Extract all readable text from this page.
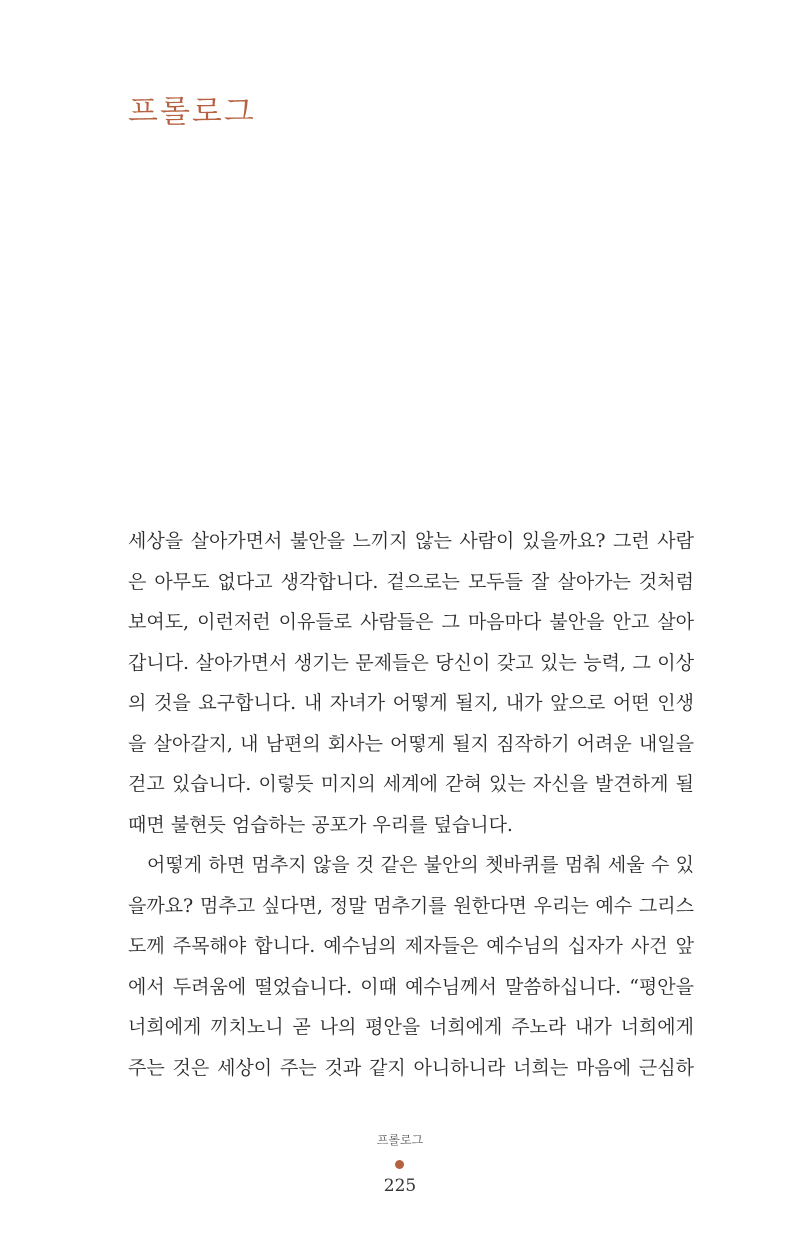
프롤로그
세상을 살아가면서 불안을 느끼지 않는 사람이 있을까요? 그런 사람
은 아무도 없다고 생각합니다. 겉으로는 모두들 잘 살아가는 것처럼
보여도, 이런저런 이유들로 사람들은 그 마음마다 불안을 안고 살아
갑니다. 살아가면서 생기는 문제들은 당신이 갖고 있는 능력, 그 이상
의 것을 요구합니다. 내 자녀가 어떻게 될지, 내가 앞으로 어떤 인생
을 살아갈지, 내 남편의 회사는 어떻게 될지 짐작하기 어려운 내일을
걷고 있습니다. 이렇듯 미지의 세계에 갇혀 있는 자신을 발견하게 될
때면 불현듯 엄습하는 공포가 우리를 덮습니다.
어떻게 하면 멈추지 않을 것 같은 불안의 쳇바퀴를 멈춰 세울 수 있
을까요? 멈추고 싶다면, 정말 멈추기를 원한다면 우리는 예수 그리스
도께 주목해야 합니다. 예수님의 제자들은 예수님의 십자가 사건 앞
에서 두려움에 떨었습니다. 이때 예수님께서 말씀하십니다. “평안을
너희에게 끼치노니 곧 나의 평안을 너희에게 주노라 내가 너희에게
주는 것은 세상이 주는 것과 같지 아니하니라 너희는 마음에 근심하
프롤로그
225
